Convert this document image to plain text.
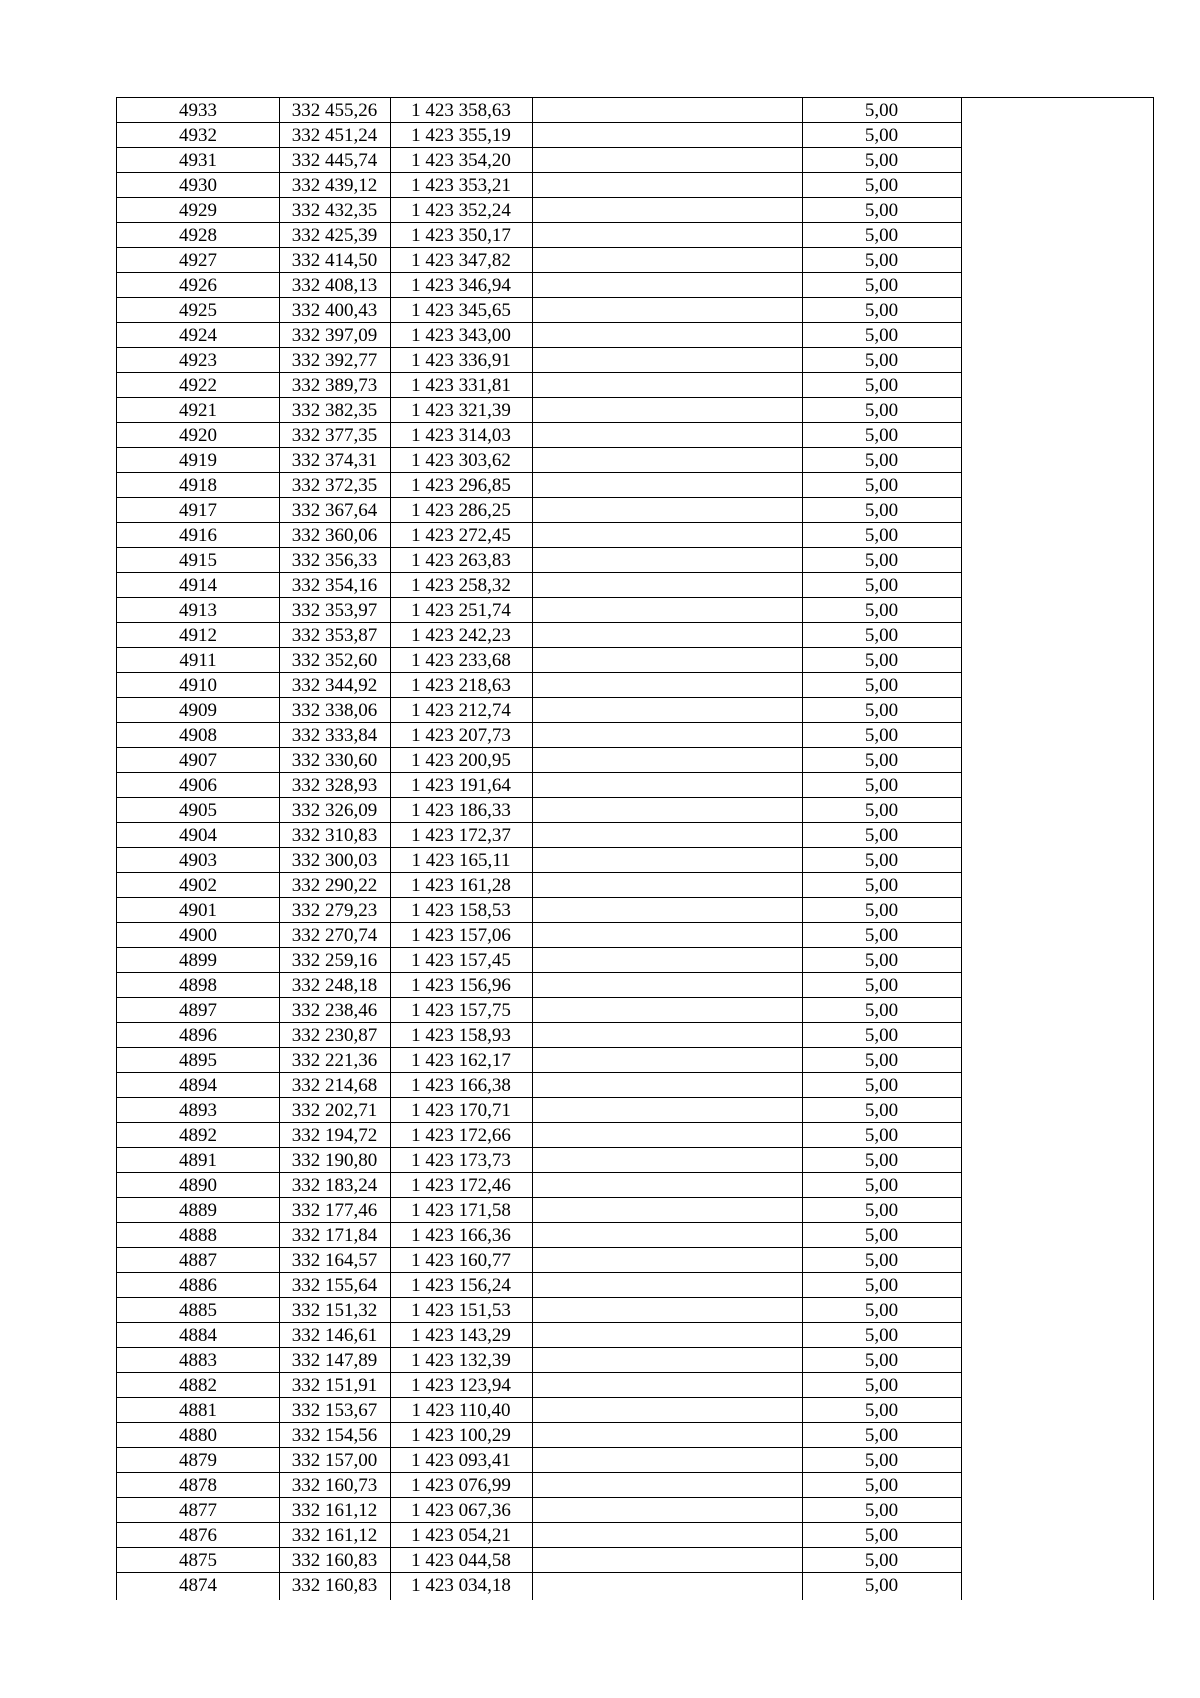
4933	332 455,26	1 423 358,63	5,00
4932	332 451,24	1 423 355,19	5,00
4931	332 445,74	1 423 354,20	5,00
4930	332 439,12	1 423 353,21	5,00
4929	332 432,35	1 423 352,24	5,00
4928	332 425,39	1 423 350,17	5,00
4927	332 414,50	1 423 347,82	5,00
4926	332 408,13	1 423 346,94	5,00
4925	332 400,43	1 423 345,65	5,00
4924	332 397,09	1 423 343,00	5,00
4923	332 392,77	1 423 336,91	5,00
4922	332 389,73	1 423 331,81	5,00
4921	332 382,35	1 423 321,39	5,00
4920	332 377,35	1 423 314,03	5,00
4919	332 374,31	1 423 303,62	5,00
4918	332 372,35	1 423 296,85	5,00
4917	332 367,64	1 423 286,25	5,00
4916	332 360,06	1 423 272,45	5,00
4915	332 356,33	1 423 263,83	5,00
4914	332 354,16	1 423 258,32	5,00
4913	332 353,97	1 423 251,74	5,00
4912	332 353,87	1 423 242,23	5,00
4911	332 352,60	1 423 233,68	5,00
4910	332 344,92	1 423 218,63	5,00
4909	332 338,06	1 423 212,74	5,00
4908	332 333,84	1 423 207,73	5,00
4907	332 330,60	1 423 200,95	5,00
4906	332 328,93	1 423 191,64	5,00
4905	332 326,09	1 423 186,33	5,00
4904	332 310,83	1 423 172,37	5,00
4903	332 300,03	1 423 165,11	5,00
4902	332 290,22	1 423 161,28	5,00
4901	332 279,23	1 423 158,53	5,00
4900	332 270,74	1 423 157,06	5,00
4899	332 259,16	1 423 157,45	5,00
4898	332 248,18	1 423 156,96	5,00
4897	332 238,46	1 423 157,75	5,00
4896	332 230,87	1 423 158,93	5,00
4895	332 221,36	1 423 162,17	5,00
4894	332 214,68	1 423 166,38	5,00
4893	332 202,71	1 423 170,71	5,00
4892	332 194,72	1 423 172,66	5,00
4891	332 190,80	1 423 173,73	5,00
4890	332 183,24	1 423 172,46	5,00
4889	332 177,46	1 423 171,58	5,00
4888	332 171,84	1 423 166,36	5,00
4887	332 164,57	1 423 160,77	5,00
4886	332 155,64	1 423 156,24	5,00
4885	332 151,32	1 423 151,53	5,00
4884	332 146,61	1 423 143,29	5,00
4883	332 147,89	1 423 132,39	5,00
4882	332 151,91	1 423 123,94	5,00
4881	332 153,67	1 423 110,40	5,00
4880	332 154,56	1 423 100,29	5,00
4879	332 157,00	1 423 093,41	5,00
4878	332 160,73	1 423 076,99	5,00
4877	332 161,12	1 423 067,36	5,00
4876	332 161,12	1 423 054,21	5,00
4875	332 160,83	1 423 044,58	5,00
4874	332 160,83	1 423 034,18	5,00
